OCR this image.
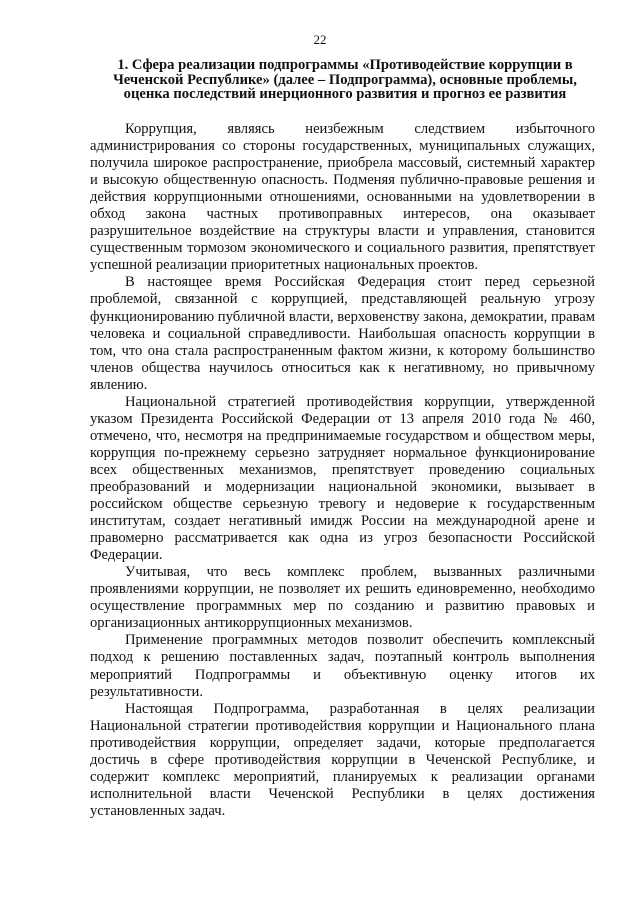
22
1. Сфера реализации подпрограммы «Противодействие коррупции в Чеченской Республике» (далее – Подпрограмма), основные проблемы, оценка последствий инерционного развития и прогноз ее развития

Коррупция, являясь неизбежным следствием избыточного администрирования со стороны государственных, муниципальных служащих, получила широкое распространение, приобрела массовый, системный характер и высокую общественную опасность. Подменяя публично-правовые решения и действия коррупционными отношениями, основанными на удовлетворении в обход закона частных противоправных интересов, она оказывает разрушительное воздействие на структуры власти и управления, становится существенным тормозом экономического и социального развития, препятствует успешной реализации приоритетных национальных проектов.

В настоящее время Российская Федерация стоит перед серьезной проблемой, связанной с коррупцией, представляющей реальную угрозу функционированию публичной власти, верховенству закона, демократии, правам человека и социальной справедливости. Наибольшая опасность коррупции в том, что она стала распространенным фактом жизни, к которому большинство членов общества научилось относиться как к негативному, но привычному явлению.

Национальной стратегией противодействия коррупции, утвержденной указом Президента Российской Федерации от 13 апреля 2010 года № 460, отмечено, что, несмотря на предпринимаемые государством и обществом меры, коррупция по-прежнему серьезно затрудняет нормальное функционирование всех общественных механизмов, препятствует проведению социальных преобразований и модернизации национальной экономики, вызывает в российском обществе серьезную тревогу и недоверие к государственным институтам, создает негативный имидж России на международной арене и правомерно рассматривается как одна из угроз безопасности Российской Федерации.

Учитывая, что весь комплекс проблем, вызванных различными проявлениями коррупции, не позволяет их решить единовременно, необходимо осуществление программных мер по созданию и развитию правовых и организационных антикоррупционных механизмов.

Применение программных методов позволит обеспечить комплексный подход к решению поставленных задач, поэтапный контроль выполнения мероприятий Подпрограммы и объективную оценку итогов их результативности.

Настоящая Подпрограмма, разработанная в целях реализации Национальной стратегии противодействия коррупции и Национального плана противодействия коррупции, определяет задачи, которые предполагается достичь в сфере противодействия коррупции в Чеченской Республике, и содержит комплекс мероприятий, планируемых к реализации органами исполнительной власти Чеченской Республики в целях достижения установленных задач.
